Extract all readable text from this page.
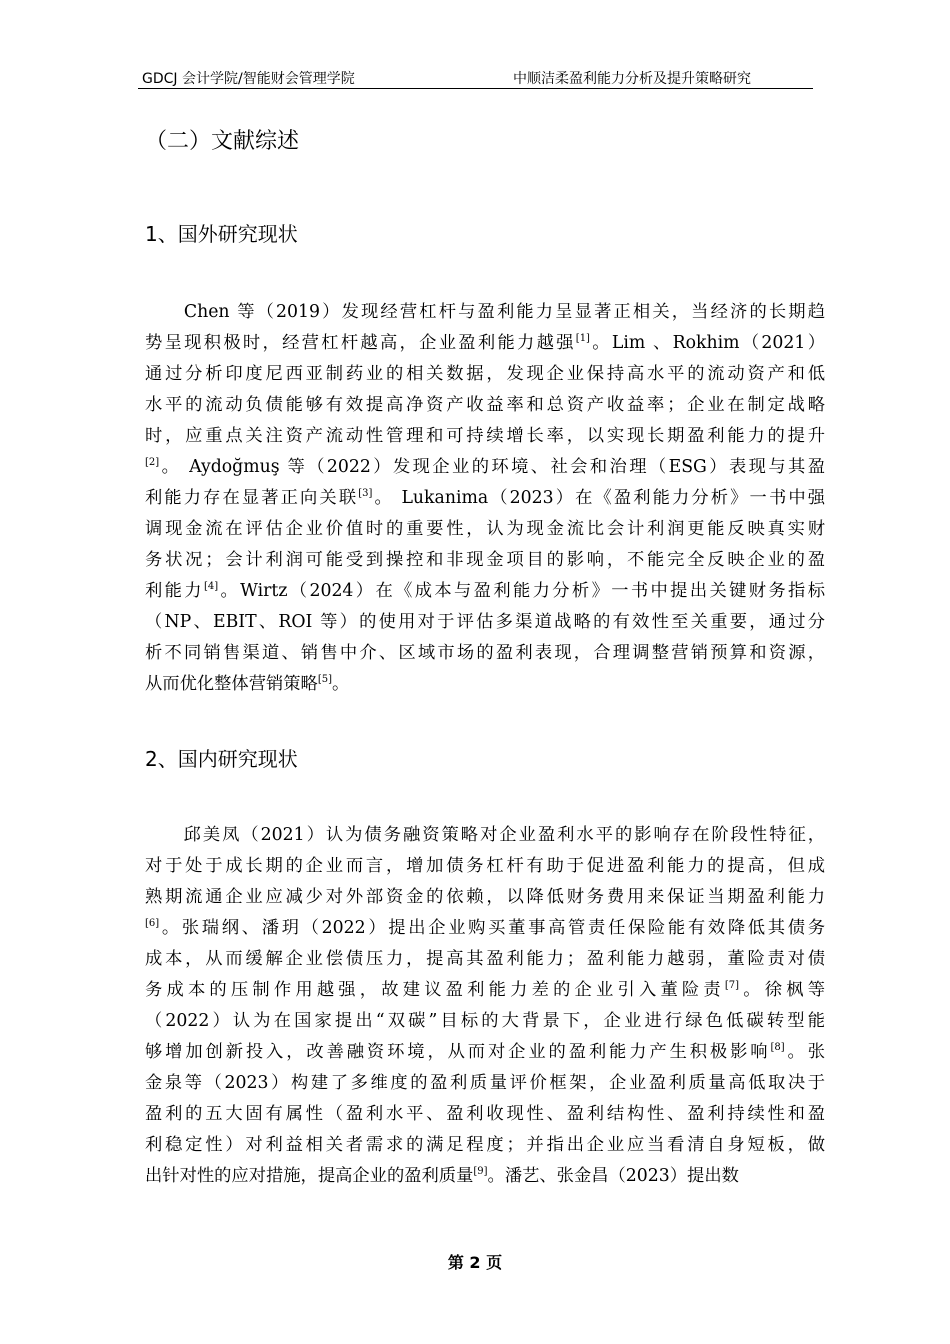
GDCJ 会计学院/智能财会管理学院	中顺洁柔盈利能力分析及提升策略研究
（二）文献综述
1、国外研究现状
　　Chen 等（2019）发现经营杠杆与盈利能力呈显著正相关，当经济的长期趋
势呈现积极时，经营杠杆越高，企业盈利能力越强[1]。Lim 、Rokhim（2021）
通过分析印度尼西亚制药业的相关数据，发现企业保持高水平的流动资产和低
水平的流动负债能够有效提高净资产收益率和总资产收益率；企业在制定战略
时，应重点关注资产流动性管理和可持续增长率，以实现长期盈利能力的提升
[2]。 Aydoğmuş 等（2022）发现企业的环境、社会和治理（ESG）表现与其盈
利能力存在显著正向关联[3]。 Lukanima（2023）在《盈利能力分析》一书中强
调现金流在评估企业价值时的重要性，认为现金流比会计利润更能反映真实财
务状况；会计利润可能受到操控和非现金项目的影响，不能完全反映企业的盈
利能力[4]。Wirtz（2024）在《成本与盈利能力分析》一书中提出关键财务指标
（NP、EBIT、ROI 等）的使用对于评估多渠道战略的有效性至关重要，通过分
析不同销售渠道、销售中介、区域市场的盈利表现，合理调整营销预算和资源，
从而优化整体营销策略[5]。
2、国内研究现状
　　邱美凤（2021）认为债务融资策略对企业盈利水平的影响存在阶段性特征，
对于处于成长期的企业而言，增加债务杠杆有助于促进盈利能力的提高，但成
熟期流通企业应减少对外部资金的依赖，以降低财务费用来保证当期盈利能力
[6]。张瑞纲、潘玥（2022）提出企业购买董事高管责任保险能有效降低其债务
成本，从而缓解企业偿债压力，提高其盈利能力；盈利能力越弱，董险责对债
务成本的压制作用越强，故建议盈利能力差的企业引入董险责[7]。徐枫等
（2022）认为在国家提出“双碳”目标的大背景下，企业进行绿色低碳转型能
够增加创新投入，改善融资环境，从而对企业的盈利能力产生积极影响[8]。张
金泉等（2023）构建了多维度的盈利质量评价框架，企业盈利质量高低取决于
盈利的五大固有属性（盈利水平、盈利收现性、盈利结构性、盈利持续性和盈
利稳定性）对利益相关者需求的满足程度；并指出企业应当看清自身短板，做
出针对性的应对措施，提高企业的盈利质量[9]。潘艺、张金昌（2023）提出数
第 2 页
